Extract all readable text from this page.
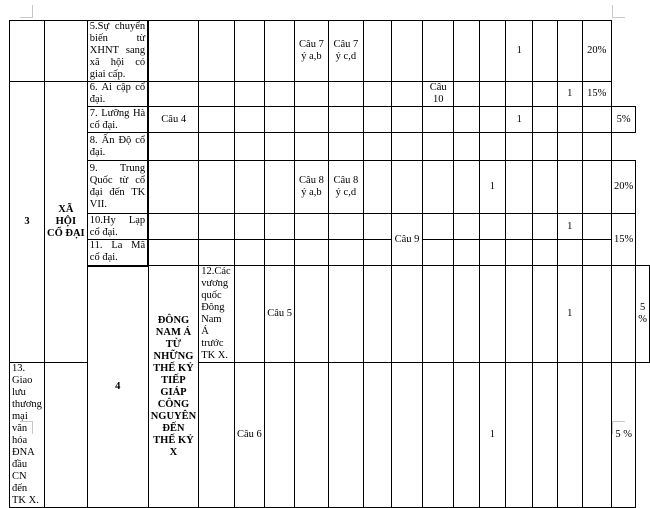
		5.Sự chuyển biến từ XHNT sang xã hội có giai cấp.					Câu 7 ý a,b	Câu 7 ý c,d						1			20%		
3	XÃ HỘI CỔ ĐẠI	6. Ai cập cổ đại.									Câu 10					1	15%		
		7. Lưỡng Hà cổ đại.	Câu 4											1				5%	
		8. Ấn Độ cổ đại.																	
		9. Trung Quốc từ cổ đại đến TK VII.					Câu 8 ý a,b	Câu 8 ý c,d					1					20%	
		10.Hy Lạp cổ đại.								Câu 9						1		15%	
		11. La Mã cổ đại.																	
		4	ĐÔNG NAM Á TỪ NHỮNG THẾ KỶ TIẾP GIÁP CÔNG NGUYÊN ĐẾN THẾ KỶ X	12.Các vương quốc Đông Nam Á trước TK X.		Câu 5										1			5 %
13. Giao lưu thương mại văn hóa ĐNA đầu CN đến TK X.					Câu 6								1					5 %	
